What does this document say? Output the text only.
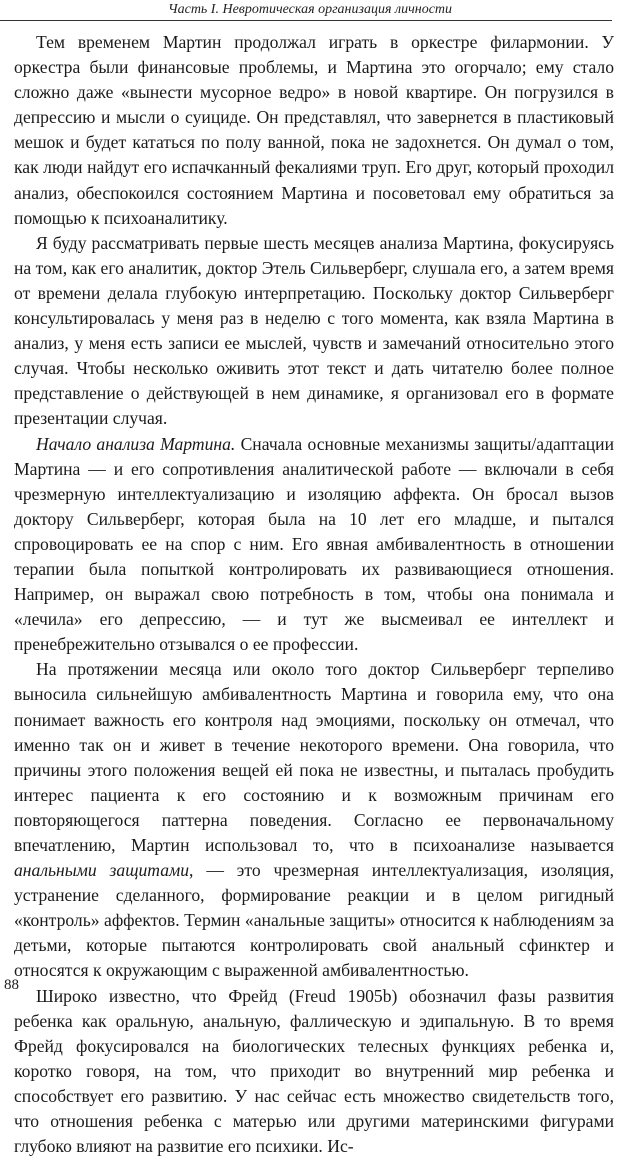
Часть I. Невротическая организация личности

Тем временем Мартин продолжал играть в оркестре филармонии. У оркестра были финансовые проблемы, и Мартина это огорчало; ему стало сложно даже «вынести мусорное ведро» в новой квартире. Он погрузился в депрессию и мысли о суициде. Он представлял, что завернется в пластиковый мешок и будет кататься по полу ванной, пока не задохнется. Он думал о том, как люди найдут его испачканный фекалиями труп. Его друг, который проходил анализ, обеспокоился состоянием Мартина и посоветовал ему обратиться за помощью к психоаналитику.

Я буду рассматривать первые шесть месяцев анализа Мартина, фокусируясь на том, как его аналитик, доктор Этель Сильверберг, слушала его, а затем время от времени делала глубокую интерпретацию. Поскольку доктор Сильверберг консультировалась у меня раз в неделю с того момента, как взяла Мартина в анализ, у меня есть записи ее мыслей, чувств и замечаний относительно этого случая. Чтобы несколько оживить этот текст и дать читателю более полное представление о действующей в нем динамике, я организовал его в формате презентации случая.

Начало анализа Мартина. Сначала основные механизмы защиты/адаптации Мартина — и его сопротивления аналитической работе — включали в себя чрезмерную интеллектуализацию и изоляцию аффекта. Он бросал вызов доктору Сильверберг, которая была на 10 лет его младше, и пытался спровоцировать ее на спор с ним. Его явная амбивалентность в отношении терапии была попыткой контролировать их развивающиеся отношения. Например, он выражал свою потребность в том, чтобы она понимала и «лечила» его депрессию, — и тут же высмеивал ее интеллект и пренебрежительно отзывался о ее профессии.

На протяжении месяца или около того доктор Сильверберг терпеливо выносила сильнейшую амбивалентность Мартина и говорила ему, что она понимает важность его контроля над эмоциями, поскольку он отмечал, что именно так он и живет в течение некоторого времени. Она говорила, что причины этого положения вещей ей пока не известны, и пыталась пробудить интерес пациента к его состоянию и к возможным причинам его повторяющегося паттерна поведения. Согласно ее первоначальному впечатлению, Мартин использовал то, что в психоанализе называется анальными защитами, — это чрезмерная интеллектуализация, изоляция, устранение сделанного, формирование реакции и в целом ригидный «контроль» аффектов. Термин «анальные защиты» относится к наблюдениям за детьми, которые пытаются контролировать свой анальный сфинктер и относятся к окружающим с выраженной амбивалентностью.

Широко известно, что Фрейд (Freud 1905b) обозначил фазы развития ребенка как оральную, анальную, фаллическую и эдипальную. В то время Фрейд фокусировался на биологических телесных функциях ребенка и, коротко говоря, на том, что приходит во внутренний мир ребенка и способствует его развитию. У нас сейчас есть множество свидетельств того, что отношения ребенка с матерью или другими материнскими фигурами глубоко влияют на развитие его психики. Ис-

88
